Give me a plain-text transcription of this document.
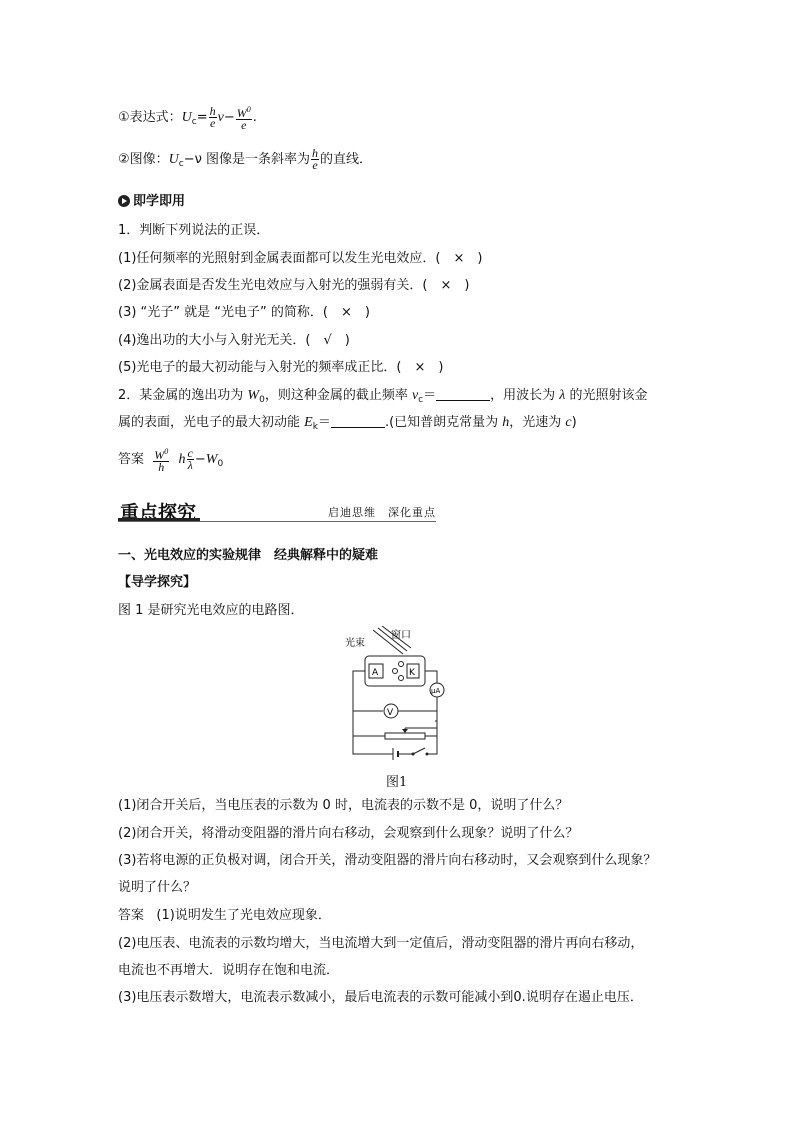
①表达式：$U_c= \frac{h}{e} \nu- \frac{W^0}{e}$ .
②图像：$U_c-\nu$ 图像是一条斜率为 $\frac{h}{e}$ 的直线．
即学即用
1．判断下列说法的正误．
(1)任何频率的光照射到金属表面都可以发生光电效应．(　×　)
(2)金属表面是否发生光电效应与入射光的强弱有关．(　×　)
(3) “光子” 就是 “光电子” 的简称．(　×　)
(4)逸出功的大小与入射光无关．(　√　)
(5)光电子的最大初动能与入射光的频率成正比．(　×　)
2．某金属的逸出功为 $W_0$，则这种金属的截止频率 $\nu_c=$	，用波长为 λ 的光照射该金
属的表面，光电子的最大初动能 $E_k=$	.(已知普朗克常量为 h，光速为 c)
答案 $\frac{W^0}{h}$ h $\frac{c}{\lambda} -W_0$
重点探究	启迪思维　深化重点
一、光电效应的实验规律　经典解释中的疑难
【导学探究】
图 1 是研究光电效应的电路图．
光束
窗口
A	K
μA
V
图1
(1)闭合开关后，当电压表的示数为 0 时，电流表的示数不是 0，说明了什么？
(2)闭合开关，将滑动变阻器的滑片向右移动，会观察到什么现象？说明了什么？
(3)若将电源的正负极对调，闭合开关，滑动变阻器的滑片向右移动时，又会观察到什么现象？
说明了什么？
答案 (1)说明发生了光电效应现象．
(2)电压表、电流表的示数均增大，当电流增大到一定值后，滑动变阻器的滑片再向右移动，
电流也不再增大．说明存在饱和电流．
(3)电压表示数增大，电流表示数减小，最后电流表的示数可能减小到0.说明存在遏止电压．
